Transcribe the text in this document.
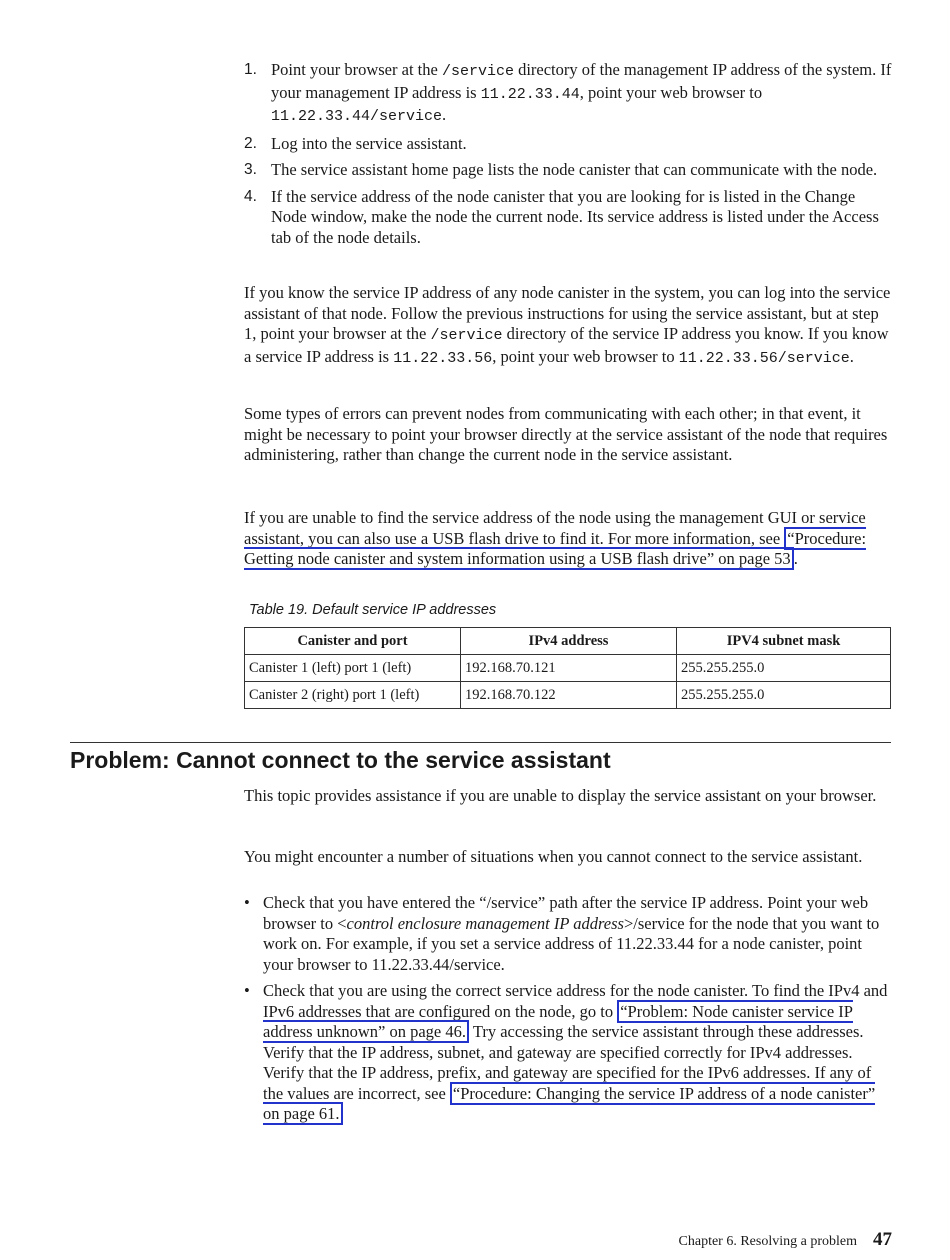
1. Point your browser at the /service directory of the management IP address of the system. If your management IP address is 11.22.33.44, point your web browser to 11.22.33.44/service.
2. Log into the service assistant.
3. The service assistant home page lists the node canister that can communicate with the node.
4. If the service address of the node canister that you are looking for is listed in the Change Node window, make the node the current node. Its service address is listed under the Access tab of the node details.

If you know the service IP address of any node canister in the system, you can log into the service assistant of that node. Follow the previous instructions for using the service assistant, but at step 1, point your browser at the /service directory of the service IP address you know. If you know a service IP address is 11.22.33.56, point your web browser to 11.22.33.56/service.

Some types of errors can prevent nodes from communicating with each other; in that event, it might be necessary to point your browser directly at the service assistant of the node that requires administering, rather than change the current node in the service assistant.

If you are unable to find the service address of the node using the management GUI or service assistant, you can also use a USB flash drive to find it. For more information, see “Procedure: Getting node canister and system information using a USB flash drive” on page 53 .

Table 19. Default service IP addresses
Canister and port	IPv4 address	IPV4 subnet mask
Canister 1 (left) port 1 (left)	192.168.70.121	255.255.255.0
Canister 2 (right) port 1 (left)	192.168.70.122	255.255.255.0
Problem: Cannot connect to the service assistant

This topic provides assistance if you are unable to display the service assistant on your browser.

You might encounter a number of situations when you cannot connect to the service assistant.

• Check that you have entered the “/service” path after the service IP address. Point your web browser to <control enclosure management IP address>/service for the node that you want to work on. For example, if you set a service address of 11.22.33.44 for a node canister, point your browser to 11.22.33.44/service.
• Check that you are using the correct service address for the node canister. To find the IPv4 and IPv6 addresses that are configured on the node, go to “Problem: Node canister service IP address unknown” on page 46. Try accessing the service assistant through these addresses. Verify that the IP address, subnet, and gateway are specified correctly for IPv4 addresses. Verify that the IP address, prefix, and gateway are specified for the IPv6 addresses. If any of the values are incorrect, see “Procedure: Changing the service IP address of a node canister” on page 61.
Chapter 6. Resolving a problem 47
